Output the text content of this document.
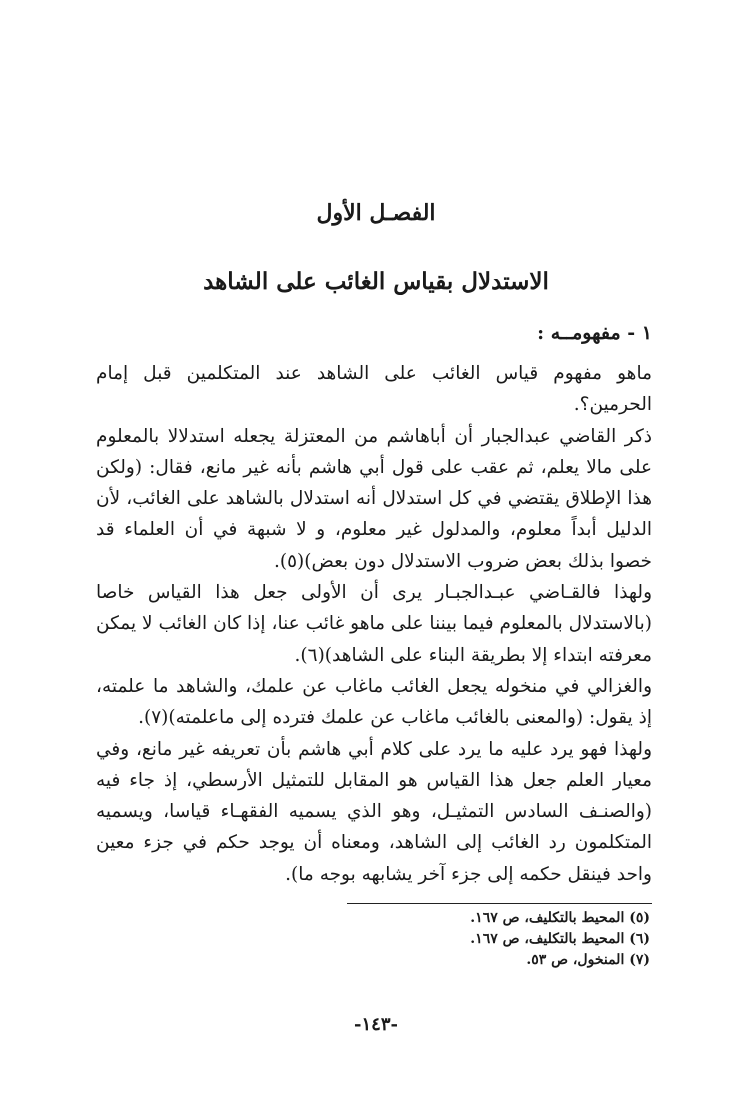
الفصـل الأول
الاستدلال بقياس الغائب على الشاهد
١ - مفهومــه :

ماهو مفهوم قياس الغائب على الشاهد عند المتكلمين قبل إمام الحرمين؟.

ذكر القاضي عبدالجبار أن أباهاشم من المعتزلة يجعله استدلالا بالمعلوم على مالا يعلم، ثم عقب على قول أبي هاشم بأنه غير مانع، فقال: (ولكن هذا الإطلاق يقتضي في كل استدلال أنه استدلال بالشاهد على الغائب، لأن الدليل أبداً معلوم، والمدلول غير معلوم، و لا شبهة في أن العلماء قد خصوا بذلك بعض ضروب الاستدلال دون بعض)(٥).

ولهذا فالقـاضي عبـدالجبـار يرى أن الأولى جعل هذا القياس خاصا (بالاستدلال بالمعلوم فيما بيننا على ماهو غائب عنا، إذا كان الغائب لا يمكن معرفته ابتداء إلا بطريقة البناء على الشاهد)(٦).

والغزالي في منخوله يجعل الغائب ماغاب عن علمك، والشاهد ما علمته، إذ يقول: (والمعنى بالغائب ماغاب عن علمك فترده إلى ماعلمته)(٧).

ولهذا فهو يرد عليه ما يرد على كلام أبي هاشم بأن تعريفه غير مانع، وفي معيار العلم جعل هذا القياس هو المقابل للتمثيل الأرسطي، إذ جاء فيه (والصنـف السادس التمثيـل، وهو الذي يسميه الفقهـاء قياسا، ويسميه المتكلمون رد الغائب إلى الشاهد، ومعناه أن يوجد حكم في جزء معين واحد فينقل حكمه إلى جزء آخر يشابهه بوجه ما).

(٥) المحيط بالتكليف، ص ١٦٧.
(٦) المحيط بالتكليف، ص ١٦٧.
(٧) المنخول، ص ٥٣.
-١٤٣-
